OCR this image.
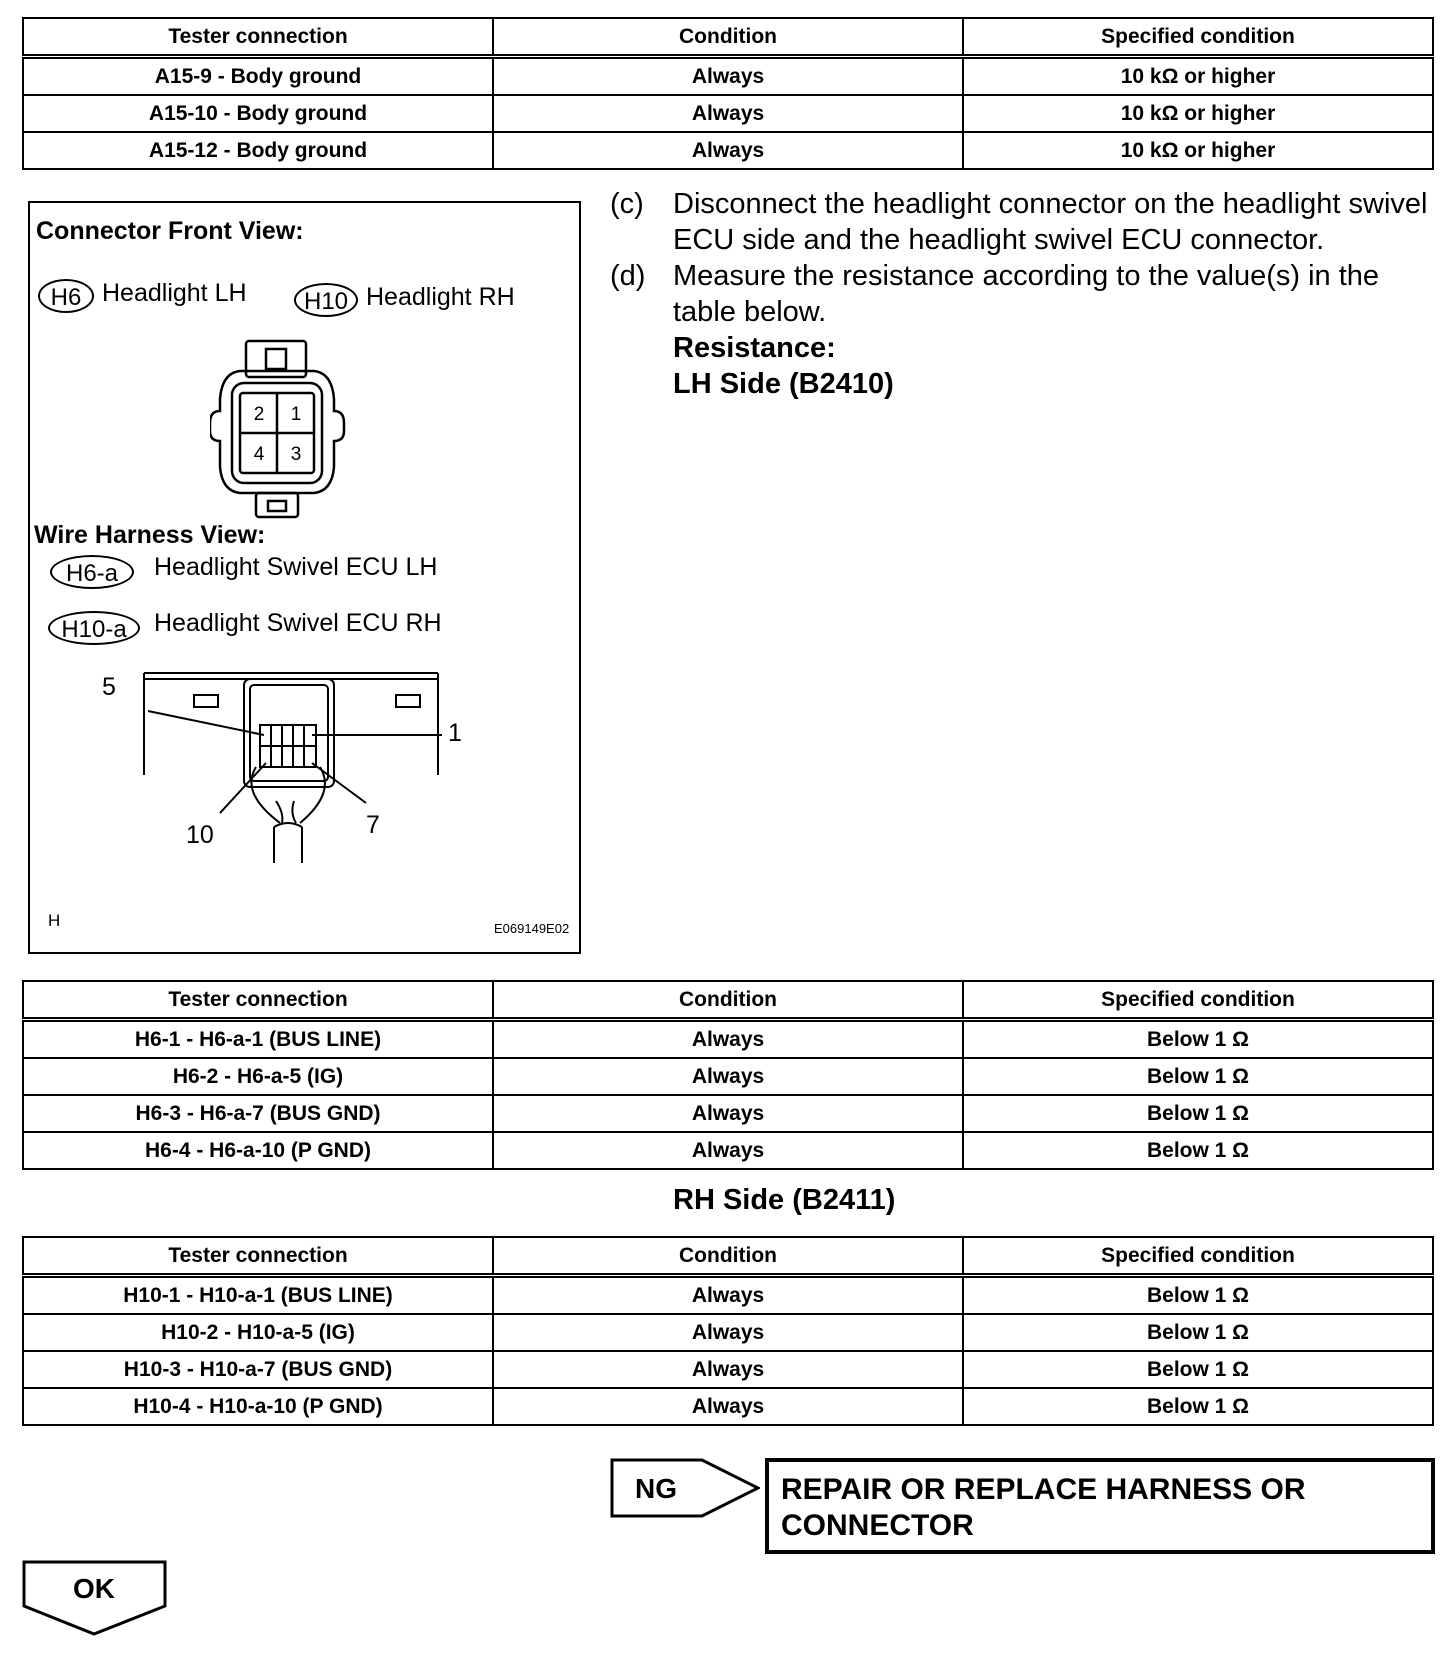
Tester connection	Condition	Specified condition
A15-9 - Body ground	Always	10 kΩ or higher
A15-10 - Body ground	Always	10 kΩ or higher
A15-12 - Body ground	Always	10 kΩ or higher
Connector Front View:
H6 Headlight LH	H10 Headlight RH
2 1
4 3
Wire Harness View:
H6-a	Headlight Swivel ECU LH
H10-a	Headlight Swivel ECU RH
5
1
10	7
H	E069149E02
(c) Disconnect the headlight connector on the headlight swivel ECU side and the headlight swivel ECU connector.
(d) Measure the resistance according to the value(s) in the table below.
Resistance:
LH Side (B2410)
Tester connection	Condition	Specified condition
H6-1 - H6-a-1 (BUS LINE)	Always	Below 1 Ω
H6-2 - H6-a-5 (IG)	Always	Below 1 Ω
H6-3 - H6-a-7 (BUS GND)	Always	Below 1 Ω
H6-4 - H6-a-10 (P GND)	Always	Below 1 Ω
RH Side (B2411)
Tester connection	Condition	Specified condition
H10-1 - H10-a-1 (BUS LINE)	Always	Below 1 Ω
H10-2 - H10-a-5 (IG)	Always	Below 1 Ω
H10-3 - H10-a-7 (BUS GND)	Always	Below 1 Ω
H10-4 - H10-a-10 (P GND)	Always	Below 1 Ω
NG	REPAIR OR REPLACE HARNESS OR CONNECTOR
OK
